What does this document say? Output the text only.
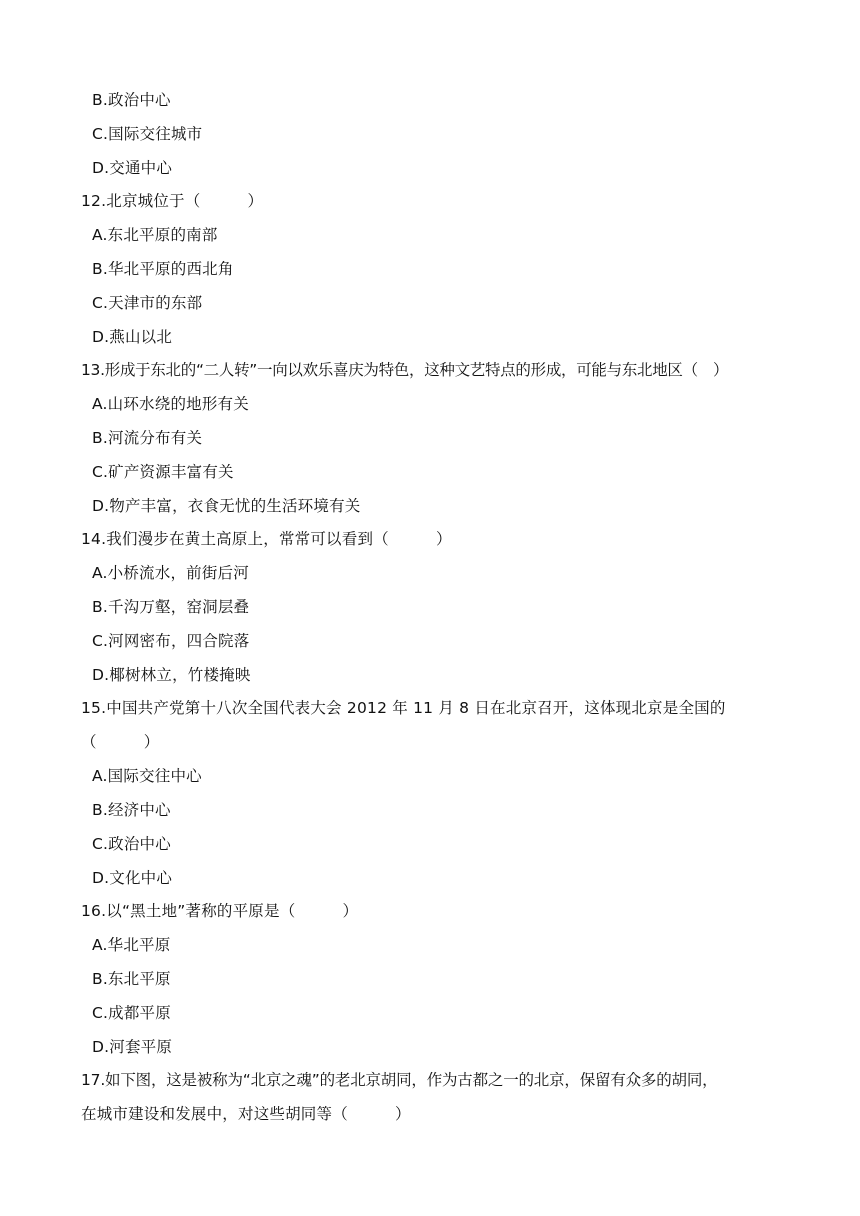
B.政治中心
C.国际交往城市
D.交通中心
12.北京城位于（　　　）
A.东北平原的南部
B.华北平原的西北角
C.天津市的东部
D.燕山以北
13.形成于东北的“二人转”一向以欢乐喜庆为特色，这种文艺特点的形成，可能与东北地区（　）
A.山环水绕的地形有关
B.河流分布有关
C.矿产资源丰富有关
D.物产丰富，衣食无忧的生活环境有关
14.我们漫步在黄土高原上，常常可以看到（　　　）
A.小桥流水，前街后河
B.千沟万壑，窑洞层叠
C.河网密布，四合院落
D.椰树林立，竹楼掩映
15.中国共产党第十八次全国代表大会 2012 年 11 月 8 日在北京召开，这体现北京是全国的
（　　　）
A.国际交往中心
B.经济中心
C.政治中心
D.文化中心
16.以“黑土地”著称的平原是（　　　）
A.华北平原
B.东北平原
C.成都平原
D.河套平原
17.如下图，这是被称为“北京之魂”的老北京胡同，作为古都之一的北京，保留有众多的胡同，
在城市建设和发展中，对这些胡同等（　　　）
